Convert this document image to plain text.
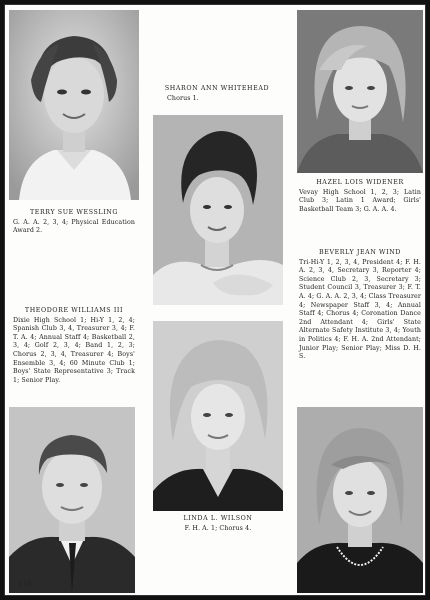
SHARON ANN WHITEHEAD
Chorus 1.
TERRY SUE WESSLING
G. A. A. 2, 3, 4; Physical Education Award 2.
HAZEL LOIS WIDENER
Vevay High School 1, 2, 3; Latin Club 3; Latin 1 Award; Girls' Basketball Team 3; G. A. A. 4.
BEVERLY JEAN WIND
Tri-Hi-Y 1, 2, 3, 4, President 4; F. H. A. 2, 3, 4, Secretary 3, Reporter 4; Science Club 2, 3, Secretary 3; Student Council 3, Treasurer 3; F. T. A. 4; G. A. A. 2, 3, 4; Class Treasurer 4; Newspaper Staff 3, 4; Annual Staff 4; Chorus 4; Coronation Dance 2nd Attendant 4; Girls' State Alternate Safety Institute 3, 4; Youth in Politics 4; F. H. A. 2nd Attendant; Junior Play; Senior Play; Miss D. H. S.
THEODORE WILLIAMS III
Dixie High School 1; Hi-Y 1, 2, 4; Spanish Club 3, 4, Treasurer 3, 4; F. T. A. 4; Annual Staff 4; Basketball 2, 3, 4; Golf 2, 3, 4; Band 1, 2, 3; Chorus 2, 3, 4, Treasurer 4; Boys' Ensemble 3, 4; 60 Minute Club 1; Boys' State Representative 3; Track 1; Senior Play.
LINDA L. WILSON
F. H. A. 1; Chorus 4.
110
